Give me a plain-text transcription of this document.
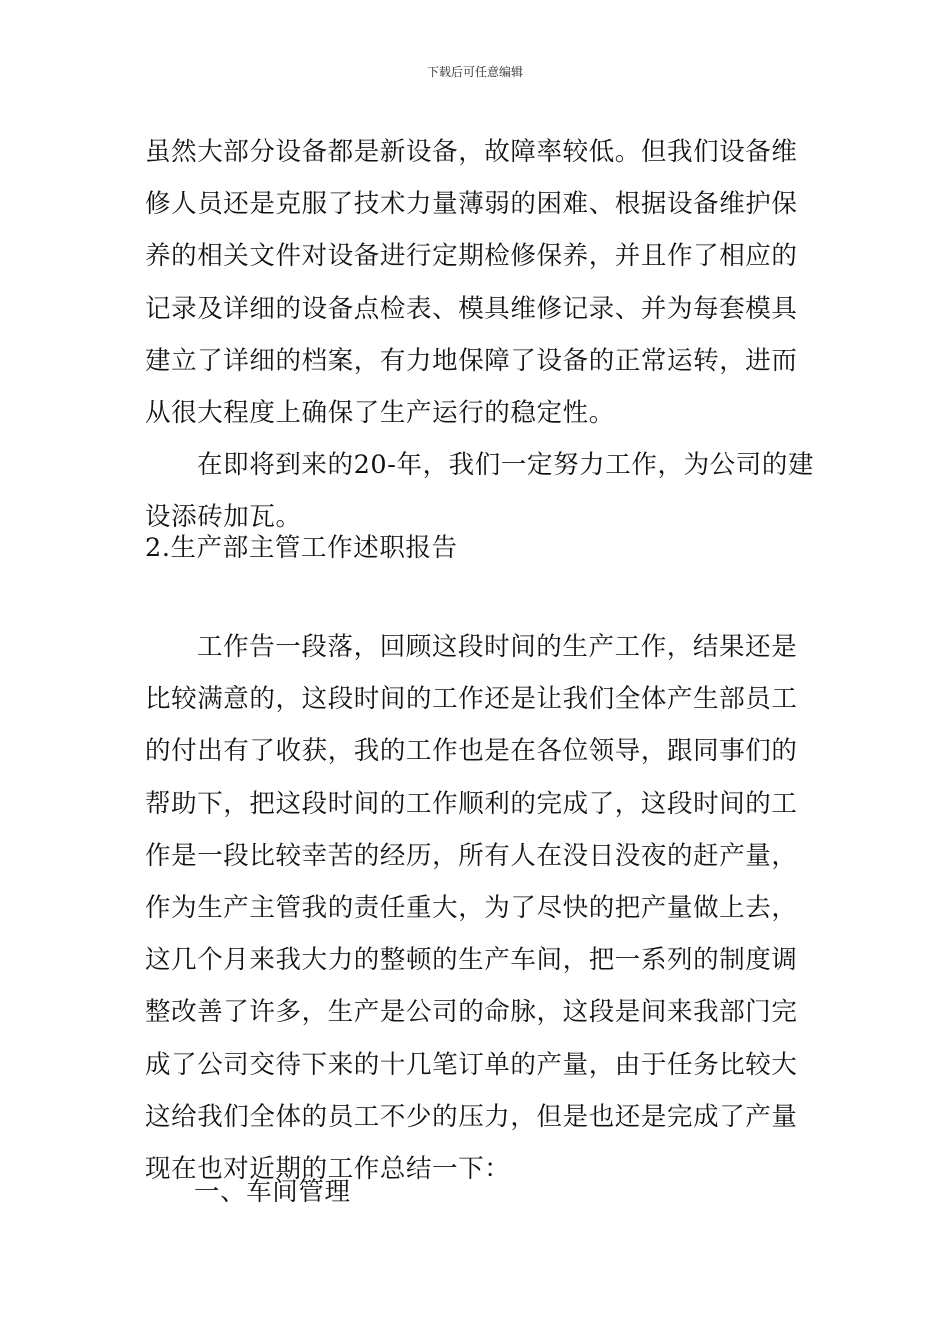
下载后可任意编辑
虽然大部分设备都是新设备，故障率较低。但我们设备维
修人员还是克服了技术力量薄弱的困难、根据设备维护保
养的相关文件对设备进行定期检修保养，并且作了相应的
记录及详细的设备点检表、模具维修记录、并为每套模具
建立了详细的档案，有力地保障了设备的正常运转，进而
从很大程度上确保了生产运行的稳定性。
在即将到来的20-年，我们一定努力工作，为公司的建
设添砖加瓦。
2.生产部主管工作述职报告
工作告一段落，回顾这段时间的生产工作，结果还是
比较满意的，这段时间的工作还是让我们全体产生部员工
的付出有了收获，我的工作也是在各位领导，跟同事们的
帮助下，把这段时间的工作顺利的完成了，这段时间的工
作是一段比较幸苦的经历，所有人在没日没夜的赶产量，
作为生产主管我的责任重大，为了尽快的把产量做上去，
这几个月来我大力的整顿的生产车间，把一系列的制度调
整改善了许多，生产是公司的命脉，这段是间来我部门完
成了公司交待下来的十几笔订单的产量，由于任务比较大
这给我们全体的员工不少的压力，但是也还是完成了产量
现在也对近期的工作总结一下：
一、车间管理
